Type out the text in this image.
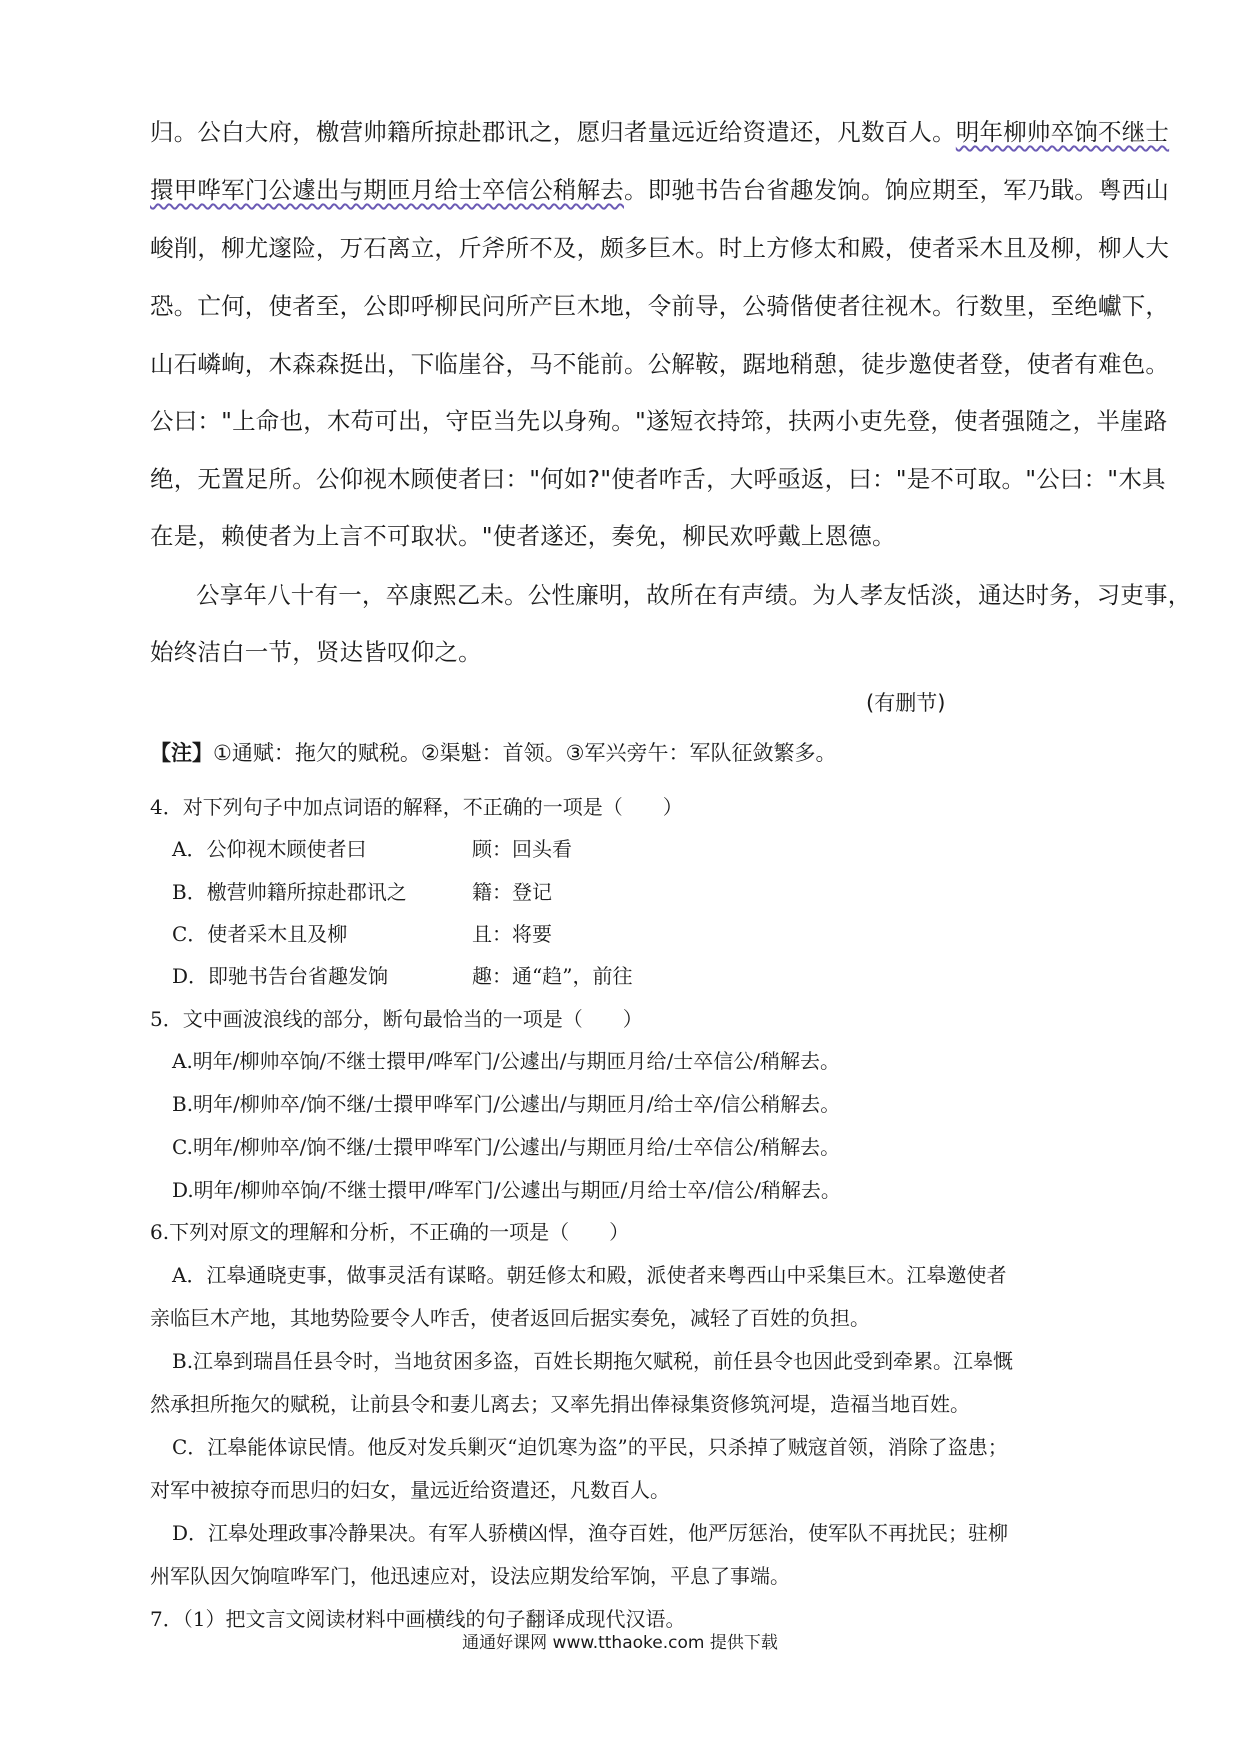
归。公白大府，檄营帅籍所掠赴郡讯之，愿归者量远近给资遣还，凡数百人。明年柳帅卒饷不继士
擐甲哗军门公遽出与期匝月给士卒信公稍解去。即驰书告台省趣发饷。饷应期至，军乃戢。粤西山
峻削，柳尤邃险，万石离立，斤斧所不及，颇多巨木。时上方修太和殿，使者采木且及柳，柳人大
恐。亡何，使者至，公即呼柳民问所产巨木地，令前导，公骑偕使者往视木。行数里，至绝巘下，
山石嶙峋，木森森挺出，下临崖谷，马不能前。公解鞍，踞地稍憩，徒步邀使者登，使者有难色。
公曰："上命也，木苟可出，守臣当先以身殉。"遂短衣持筇，扶两小吏先登，使者强随之，半崖路
绝，无置足所。公仰视木顾使者曰："何如?"使者咋舌，大呼亟返，曰："是不可取。"公曰："木具
在是，赖使者为上言不可取状。"使者遂还，奏免，柳民欢呼戴上恩德。
公享年八十有一，卒康熙乙未。公性廉明，故所在有声绩。为人孝友恬淡，通达时务，习吏事，
始终洁白一节，贤达皆叹仰之。
(有删节)
【注】①通赋：拖欠的赋税。②渠魁：首领。③军兴旁午：军队征敛繁多。
4．对下列句子中加点词语的解释，不正确的一项是（　　）
A．公仰视木顾使者曰	顾：回头看
B．檄营帅籍所掠赴郡讯之	籍：登记
C．使者采木且及柳	且：将要
D．即驰书告台省趣发饷	趣：通“趋”，前往
5．文中画波浪线的部分，断句最恰当的一项是（　　）
A.明年/柳帅卒饷/不继士擐甲/哗军门/公遽出/与期匝月给/士卒信公/稍解去。
B.明年/柳帅卒/饷不继/士擐甲哗军门/公遽出/与期匝月/给士卒/信公稍解去。
C.明年/柳帅卒/饷不继/士擐甲哗军门/公遽出/与期匝月给/士卒信公/稍解去。
D.明年/柳帅卒饷/不继士擐甲/哗军门/公遽出与期匝/月给士卒/信公/稍解去。
6.下列对原文的理解和分析，不正确的一项是（　　）
A．江皋通晓吏事，做事灵活有谋略。朝廷修太和殿，派使者来粤西山中采集巨木。江皋邀使者
亲临巨木产地，其地势险要令人咋舌，使者返回后据实奏免，减轻了百姓的负担。
B.江皋到瑞昌任县令时，当地贫困多盗，百姓长期拖欠赋税，前任县令也因此受到牵累。江皋慨
然承担所拖欠的赋税，让前县令和妻儿离去；又率先捐出俸禄集资修筑河堤，造福当地百姓。
C．江皋能体谅民情。他反对发兵剿灭“迫饥寒为盗”的平民，只杀掉了贼寇首领，消除了盗患；
对军中被掠夺而思归的妇女，量远近给资遣还，凡数百人。
D．江皋处理政事冷静果决。有军人骄横凶悍，渔夺百姓，他严厉惩治，使军队不再扰民；驻柳
州军队因欠饷喧哗军门，他迅速应对，设法应期发给军饷，平息了事端。
7．（1）把文言文阅读材料中画横线的句子翻译成现代汉语。
通通好课网 www.tthaoke.com 提供下载
